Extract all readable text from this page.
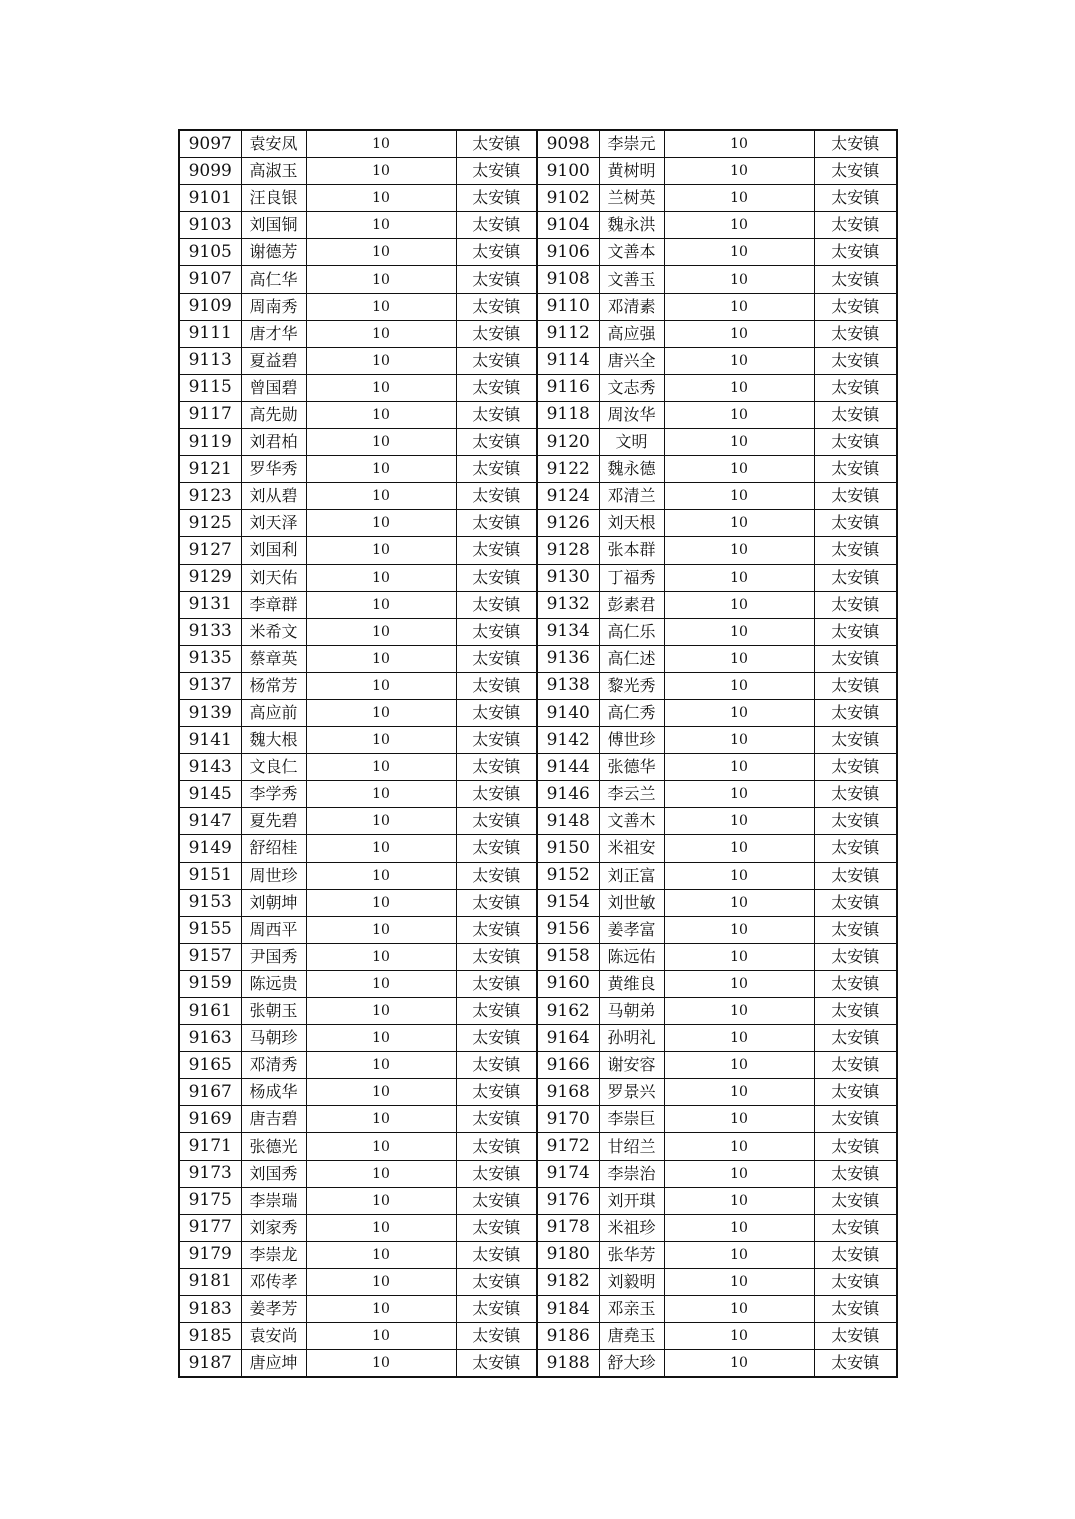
9097	袁安凤	10	太安镇	9098	李崇元	10	太安镇
9099	高淑玉	10	太安镇	9100	黄树明	10	太安镇
9101	汪良银	10	太安镇	9102	兰树英	10	太安镇
9103	刘国铜	10	太安镇	9104	魏永洪	10	太安镇
9105	谢德芳	10	太安镇	9106	文善本	10	太安镇
9107	高仁华	10	太安镇	9108	文善玉	10	太安镇
9109	周南秀	10	太安镇	9110	邓清素	10	太安镇
9111	唐才华	10	太安镇	9112	高应强	10	太安镇
9113	夏益碧	10	太安镇	9114	唐兴全	10	太安镇
9115	曾国碧	10	太安镇	9116	文志秀	10	太安镇
9117	高先勋	10	太安镇	9118	周汝华	10	太安镇
9119	刘君柏	10	太安镇	9120	文明	10	太安镇
9121	罗华秀	10	太安镇	9122	魏永德	10	太安镇
9123	刘从碧	10	太安镇	9124	邓清兰	10	太安镇
9125	刘天泽	10	太安镇	9126	刘天根	10	太安镇
9127	刘国利	10	太安镇	9128	张本群	10	太安镇
9129	刘天佑	10	太安镇	9130	丁福秀	10	太安镇
9131	李章群	10	太安镇	9132	彭素君	10	太安镇
9133	米希文	10	太安镇	9134	高仁乐	10	太安镇
9135	蔡章英	10	太安镇	9136	高仁述	10	太安镇
9137	杨常芳	10	太安镇	9138	黎光秀	10	太安镇
9139	高应前	10	太安镇	9140	高仁秀	10	太安镇
9141	魏大根	10	太安镇	9142	傅世珍	10	太安镇
9143	文良仁	10	太安镇	9144	张德华	10	太安镇
9145	李学秀	10	太安镇	9146	李云兰	10	太安镇
9147	夏先碧	10	太安镇	9148	文善木	10	太安镇
9149	舒绍桂	10	太安镇	9150	米祖安	10	太安镇
9151	周世珍	10	太安镇	9152	刘正富	10	太安镇
9153	刘朝坤	10	太安镇	9154	刘世敏	10	太安镇
9155	周西平	10	太安镇	9156	姜孝富	10	太安镇
9157	尹国秀	10	太安镇	9158	陈远佑	10	太安镇
9159	陈远贵	10	太安镇	9160	黄维良	10	太安镇
9161	张朝玉	10	太安镇	9162	马朝弟	10	太安镇
9163	马朝珍	10	太安镇	9164	孙明礼	10	太安镇
9165	邓清秀	10	太安镇	9166	谢安容	10	太安镇
9167	杨成华	10	太安镇	9168	罗景兴	10	太安镇
9169	唐吉碧	10	太安镇	9170	李崇巨	10	太安镇
9171	张德光	10	太安镇	9172	甘绍兰	10	太安镇
9173	刘国秀	10	太安镇	9174	李崇治	10	太安镇
9175	李崇瑞	10	太安镇	9176	刘开琪	10	太安镇
9177	刘家秀	10	太安镇	9178	米祖珍	10	太安镇
9179	李崇龙	10	太安镇	9180	张华芳	10	太安镇
9181	邓传孝	10	太安镇	9182	刘毅明	10	太安镇
9183	姜孝芳	10	太安镇	9184	邓亲玉	10	太安镇
9185	袁安尚	10	太安镇	9186	唐堯玉	10	太安镇
9187	唐应坤	10	太安镇	9188	舒大珍	10	太安镇
